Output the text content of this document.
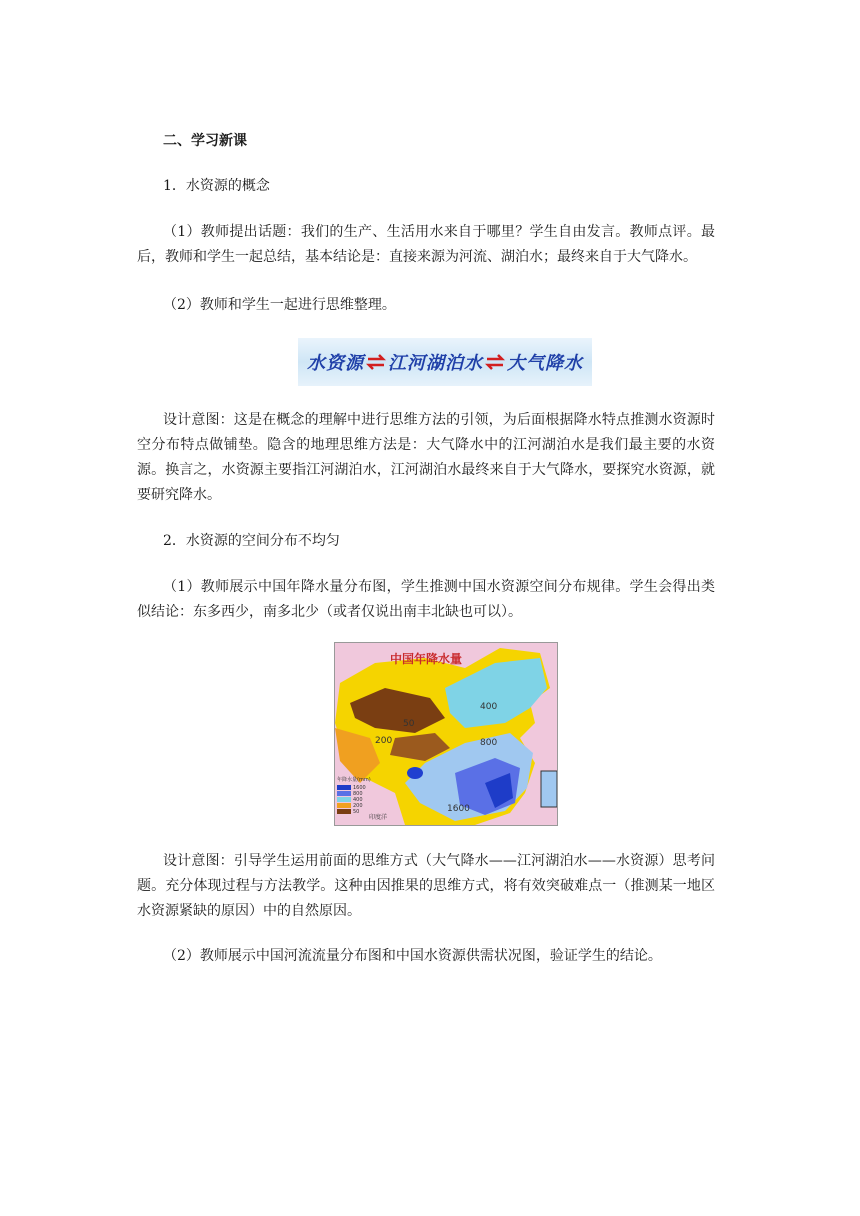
二、学习新课
1．水资源的概念
（1）教师提出话题：我们的生产、生活用水来自于哪里？学生自由发言。教师点评。最后，教师和学生一起总结，基本结论是：直接来源为河流、湖泊水；最终来自于大气降水。
（2）教师和学生一起进行思维整理。
水资源 江河湖泊水 大气降水
设计意图：这是在概念的理解中进行思维方法的引领，为后面根据降水特点推测水资源时空分布特点做铺垫。隐含的地理思维方法是：大气降水中的江河湖泊水是我们最主要的水资源。换言之，水资源主要指江河湖泊水，江河湖泊水最终来自于大气降水，要探究水资源，就要研究降水。
2．水资源的空间分布不均匀
（1）教师展示中国年降水量分布图，学生推测中国水资源空间分布规律。学生会得出类似结论：东多西少，南多北少（或者仅说出南丰北缺也可以）。
中国年降水量
400
800
200
50
1600
年降水量(mm)
1600
800
400
200
50
印度洋
设计意图：引导学生运用前面的思维方式（大气降水——江河湖泊水——水资源）思考问题。充分体现过程与方法教学。这种由因推果的思维方式，将有效突破难点一（推测某一地区水资源紧缺的原因）中的自然原因。
（2）教师展示中国河流流量分布图和中国水资源供需状况图，验证学生的结论。
